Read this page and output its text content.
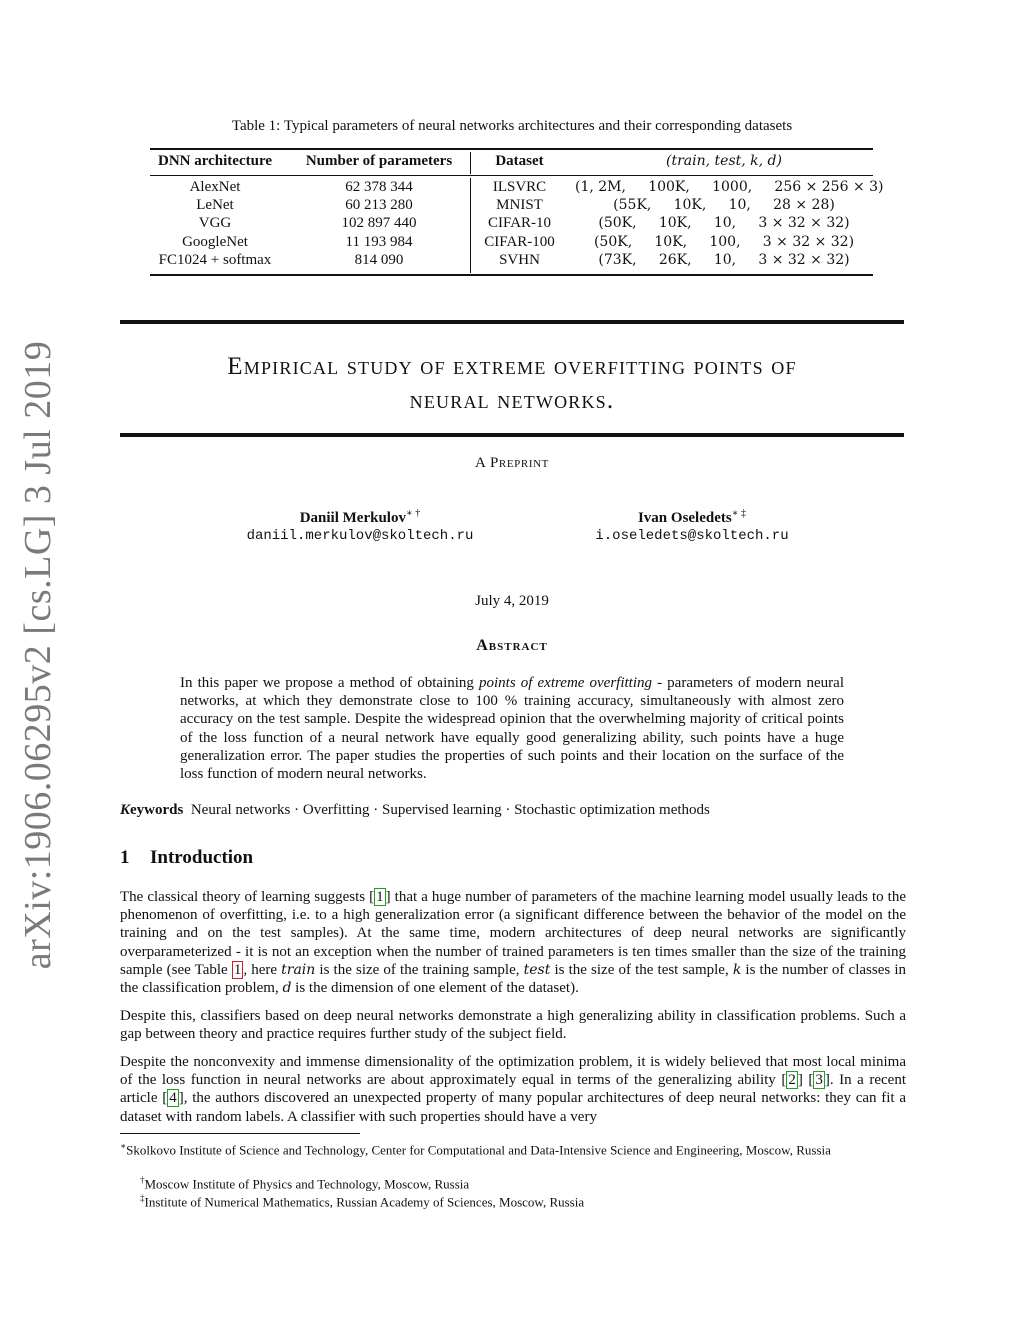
arXiv:1906.06295v2 [cs.LG] 3 Jul 2019
Table 1: Typical parameters of neural networks architectures and their corresponding datasets
DNN architecture	Number of parameters	Dataset	(train, test, k, d)
AlexNet	62 378 344	ILSVRC	(1, 2M,     100K,     1000,     256 × 256 × 3)
LeNet	60 213 280	MNIST	(55K,     10K,     10,     28 × 28)
VGG	102 897 440	CIFAR-10	(50K,     10K,     10,     3 × 32 × 32)
GoogleNet	11 193 984	CIFAR-100	(50K,     10K,     100,     3 × 32 × 32)
FC1024 + softmax	814 090	SVHN	(73K,     26K,     10,     3 × 32 × 32)
Empirical study of extreme overfitting points of
neural networks.
A Preprint
Daniil Merkulov∗ †
daniil.merkulov@skoltech.ru
Ivan Oseledets∗ ‡
i.oseledets@skoltech.ru
July 4, 2019
Abstract
In this paper we propose a method of obtaining points of extreme overfitting - parameters of modern neural networks, at which they demonstrate close to 100 % training accuracy, simultaneously with almost zero accuracy on the test sample. Despite the widespread opinion that the overwhelming majority of critical points of the loss function of a neural network have equally good generalizing ability, such points have a huge generalization error. The paper studies the properties of such points and their location on the surface of the loss function of modern neural networks.
Keywords Neural networks · Overfitting · Supervised learning · Stochastic optimization methods
1 Introduction
The classical theory of learning suggests [ 1 ] that a huge number of parameters of the machine learning model usually leads to the phenomenon of overfitting, i.e. to a high generalization error (a significant difference between the behavior of the model on the training and on the test samples). At the same time, modern architectures of deep neural networks are significantly overparameterized - it is not an exception when the number of trained parameters is ten times smaller than the size of the training sample (see Table 1 , here train is the size of the training sample, test is the size of the test sample, k is the number of classes in the classification problem, d is the dimension of one element of the dataset).
Despite this, classifiers based on deep neural networks demonstrate a high generalizing ability in classification problems. Such a gap between theory and practice requires further study of the subject field.
Despite the nonconvexity and immense dimensionality of the optimization problem, it is widely believed that most local minima of the loss function in neural networks are about approximately equal in terms of the generalizing ability [ 2 ] [ 3 ]. In a recent article [ 4 ], the authors discovered an unexpected property of many popular architectures of deep neural networks: they can fit a dataset with random labels. A classifier with such properties should have a very
∗Skolkovo Institute of Science and Technology, Center for Computational and Data-Intensive Science and Engineering, Moscow, Russia
†Moscow Institute of Physics and Technology, Moscow, Russia
‡Institute of Numerical Mathematics, Russian Academy of Sciences, Moscow, Russia
